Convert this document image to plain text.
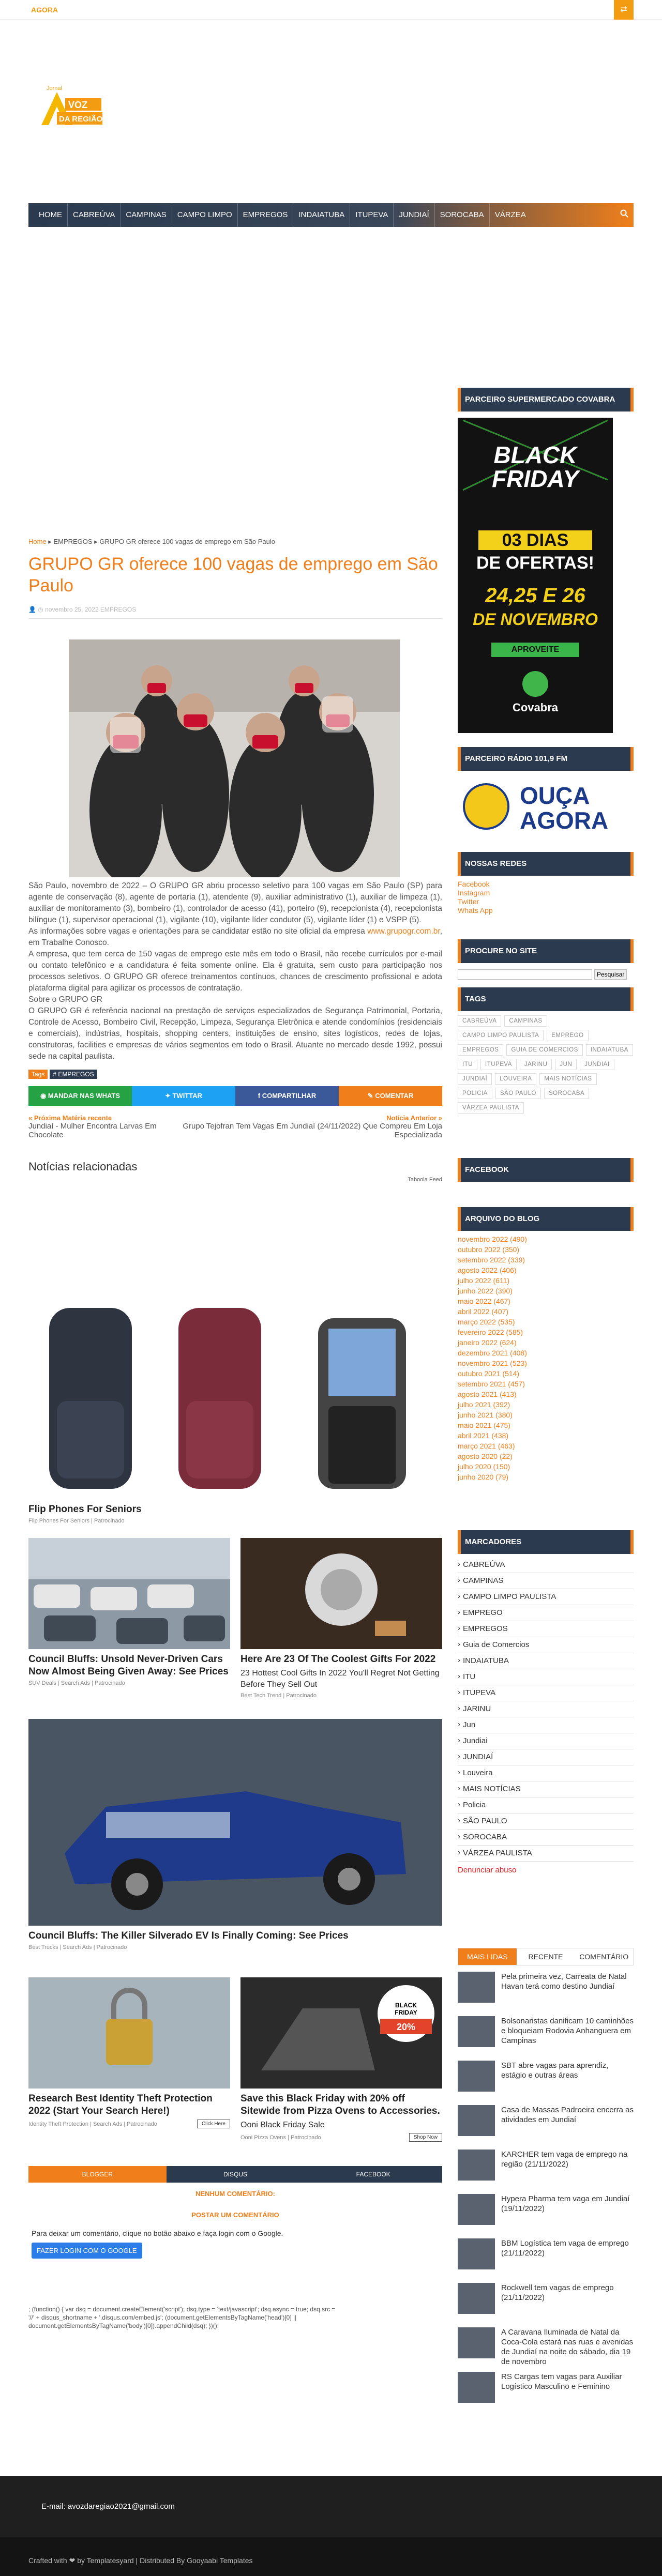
AGORA	⇄
Jornal
VOZ
DA REGIÃO
HOME	CABREÚVA	CAMPINAS	CAMPO LIMPO	EMPREGOS	INDAIATUBA	ITUPEVA	JUNDIAÍ	SOROCABA	VÁRZEA
Home ▸ EMPREGOS ▸ GRUPO GR oferece 100 vagas de emprego em São Paulo
GRUPO GR oferece 100 vagas de emprego em São Paulo
👤 ◷ novembro 25, 2022 EMPREGOS

São Paulo, novembro de 2022 – O GRUPO GR abriu processo seletivo para 100 vagas em São Paulo (SP) para agente de conservação (8), agente de portaria (1), atendente (9), auxiliar administrativo (1), auxiliar de limpeza (1), auxiliar de monitoramento (3), bombeiro (1), controlador de acesso (41), porteiro (9), recepcionista (4), recepcionista bilíngue (1), supervisor operacional (1), vigilante (10), vigilante líder condutor (5), vigilante líder (1) e VSPP (5).

As informações sobre vagas e orientações para se candidatar estão no site oficial da empresa www.grupogr.com.br, em Trabalhe Conosco.

A empresa, que tem cerca de 150 vagas de emprego este mês em todo o Brasil, não recebe currículos por e-mail ou contato telefônico e a candidatura é feita somente online. Ela é gratuita, sem custo para participação nos processos seletivos. O GRUPO GR oferece treinamentos contínuos, chances de crescimento profissional e adota plataforma digital para agilizar os processos de contratação.

Sobre o GRUPO GR

O GRUPO GR é referência nacional na prestação de serviços especializados de Segurança Patrimonial, Portaria, Controle de Acesso, Bombeiro Civil, Recepção, Limpeza, Segurança Eletrônica e atende condomínios (residenciais e comerciais), indústrias, hospitais, shopping centers, instituições de ensino, sites logísticos, redes de lojas, construtoras, facilities e empresas de vários segmentos em todo o Brasil. Atuante no mercado desde 1992, possui sede na capital paulista.

Tags	# EMPREGOS
◉ MANDAR NAS WHATS	✦ TWITTAR	f COMPARTILHAR	✎ COMENTAR
« Próxima Matéria recente
Jundiaí - Mulher Encontra Larvas Em Chocolate
Notícia Anterior »
Grupo Tejofran Tem Vagas Em Jundiaí (24/11/2022) Que Compreu Em Loja Especializada
Notícias relacionadas
Taboola Feed
Flip Phones For Seniors
Flip Phones For Seniors | Patrocinado
Council Bluffs: Unsold Never-Driven Cars Now Almost Being Given Away: See Prices
SUV Deals | Search Ads | Patrocinado
Here Are 23 Of The Coolest Gifts For 2022
23 Hottest Cool Gifts In 2022 You'll Regret Not Getting Before They Sell Out
Best Tech Trend | Patrocinado
Council Bluffs: The Killer Silverado EV Is Finally Coming: See Prices
Best Trucks | Search Ads | Patrocinado
Research Best Identity Theft Protection 2022 (Start Your Search Here!)
Identity Theft Protection | Search Ads | Patrocinado	Click Here
BLACK
FRIDAY
20%
Save this Black Friday with 20% off Sitewide from Pizza Ovens to Accessories.
Ooni Black Friday Sale
Ooni Pizza Ovens | Patrocinado	Shop Now
BLOGGER	DISQUS	FACEBOOK
NENHUM COMENTÁRIO:
POSTAR UM COMENTÁRIO
Para deixar um comentário, clique no botão abaixo e faça login com o Google.
FAZER LOGIN COM O GOOGLE
; (function() { var dsq = document.createElement('script'); dsq.type = 'text/javascript'; dsq.async = true; dsq.src = '//' + disqus_shortname + '.disqus.com/embed.js'; (document.getElementsByTagName('head')[0] || document.getElementsByTagName('body')[0]).appendChild(dsq); })();
PARCEIRO SUPERMERCADO COVABRA
BLACK
FRIDAY
03 DIAS
DE OFERTAS!
24,25 E 26
DE NOVEMBRO
APROVEITE
Covabra
PARCEIRO RÁDIO 101,9 FM
OUÇA AGORA
NOSSAS REDES
Facebook
Instagram
Twitter
Whats App
PROCURE NO SITE
Pesquisar
TAGS
CABREÚVA	CAMPINAS
CAMPO LIMPO PAULISTA	EMPREGO
EMPREGOS	GUIA DE COMERCIOS	INDAIATUBA
ITU	ITUPEVA	JARINU	JUN	JUNDIAI
JUNDIAÍ	LOUVEIRA	MAIS NOTÍCIAS
POLICIA	SÃO PAULO	SOROCABA
VÁRZEA PAULISTA
FACEBOOK
ARQUIVO DO BLOG
novembro 2022 (490)
outubro 2022 (350)
setembro 2022 (339)
agosto 2022 (406)
julho 2022 (611)
junho 2022 (390)
maio 2022 (467)
abril 2022 (407)
março 2022 (535)
fevereiro 2022 (585)
janeiro 2022 (624)
dezembro 2021 (408)
novembro 2021 (523)
outubro 2021 (514)
setembro 2021 (457)
agosto 2021 (413)
julho 2021 (392)
junho 2021 (380)
maio 2021 (475)
abril 2021 (438)
março 2021 (463)
agosto 2020 (22)
julho 2020 (150)
junho 2020 (79)
MARCADORES
› CABREÚVA
› CAMPINAS
› CAMPO LIMPO PAULISTA
› EMPREGO
› EMPREGOS
› Guia de Comercios
› INDAIATUBA
› ITU
› ITUPEVA
› JARINU
› Jun
› Jundiai
› JUNDIAÍ
› Louveira
› MAIS NOTÍCIAS
› Policia
› SÃO PAULO
› SOROCABA
› VÁRZEA PAULISTA
Denunciar abuso
MAIS LIDAS	RECENTE	COMENTÁRIO
Pela primeira vez, Carreata de Natal Havan terá como destino Jundiaí
Bolsonaristas danificam 10 caminhões e bloqueiam Rodovia Anhanguera em Campinas
SBT abre vagas para aprendiz, estágio e outras áreas
Casa de Massas Padroeira encerra as atividades em Jundiaí
KARCHER tem vaga de emprego na região (21/11/2022)
Hypera Pharma tem vaga em Jundiaí (19/11/2022)
BBM Logística tem vaga de emprego (21/11/2022)
Rockwell tem vagas de emprego (21/11/2022)
A Caravana Iluminada de Natal da Coca-Cola estará nas ruas e avenidas de Jundiaí na noite do sábado, dia 19 de novembro
RS Cargas tem vagas para Auxiliar Logístico Masculino e Feminino
E-mail: avozdaregiao2021@gmail.com
Crafted with ❤ by Templatesyard | Distributed By Gooyaabi Templates
